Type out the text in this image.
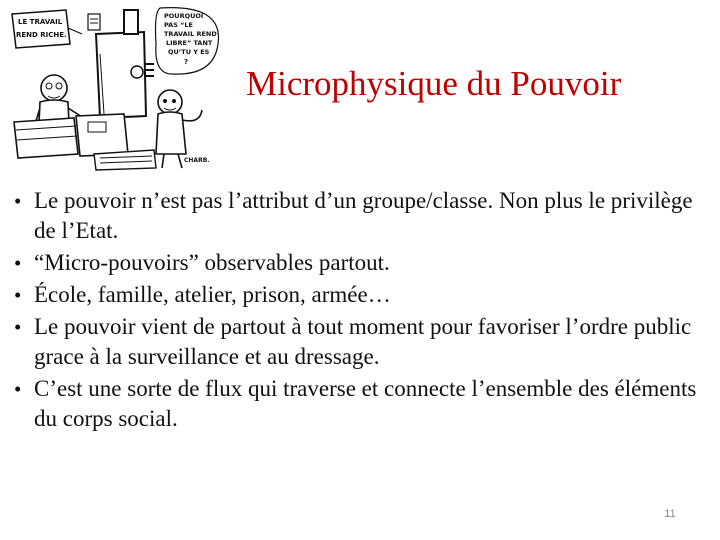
LE TRAVAIL
REND RICHE.
POURQUOI
PAS “LE
TRAVAIL REND
LIBRE” TANT
QU’TU Y ES
?
CHARB.
Microphysique du Pouvoir
• Le pouvoir n’est pas l’attribut d’un groupe/classe. Non plus le privilège de l’Etat.
• “Micro-pouvoirs” observables partout.
• École, famille, atelier, prison, armée…
• Le pouvoir vient de partout à tout moment pour favoriser l’ordre public grace à la surveillance et au dressage.
• C’est une sorte de flux qui traverse et connecte l’ensemble des éléments du corps social.
11
